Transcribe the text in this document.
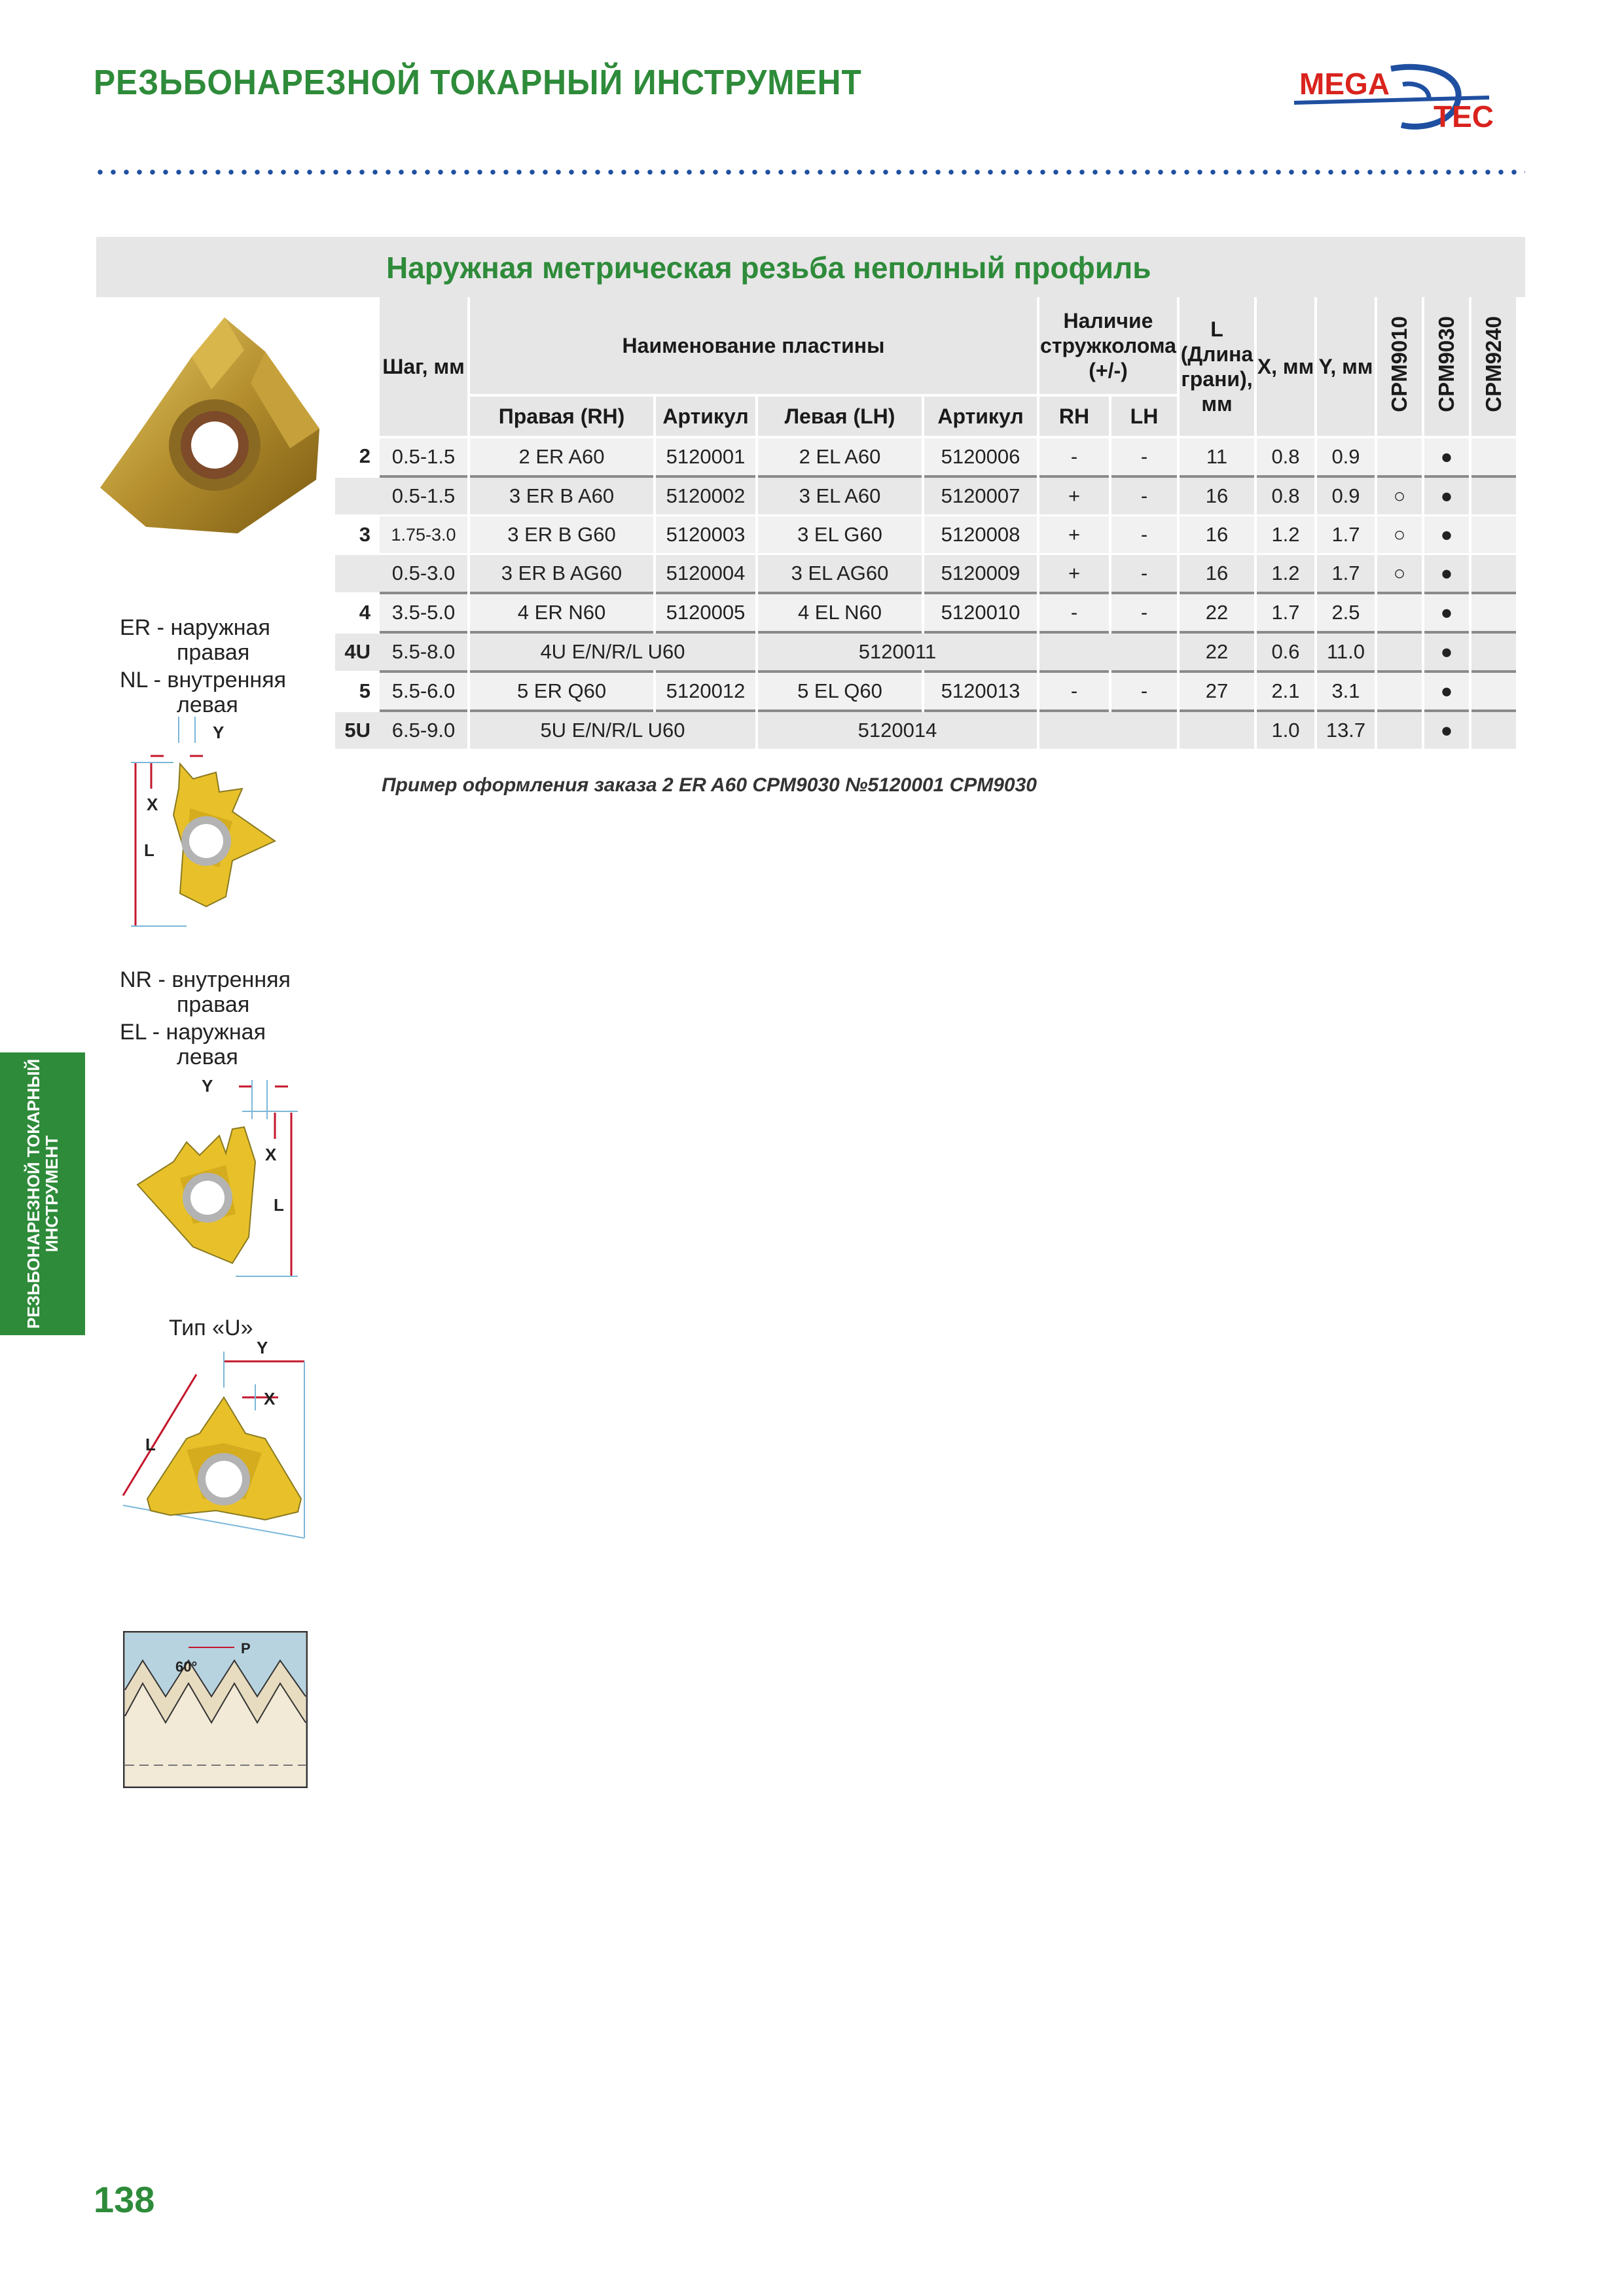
РЕЗЬБОНАРЕЗНОЙ ТОКАРНЫЙ ИНСТРУМЕНТ	MEGA
TEC
Наружная метрическая резьба неполный профиль
	Шаг, мм	Наименование пластины				Наличие стружколома (+/-)		L (Длина грани), мм	X, мм	Y, мм	CPM9010	CPM9030	CPM9240
		Правая (RH)	Артикул	Левая (LH)	Артикул	RH	LH						
2	0.5-1.5	2 ER A60	5120001	2 EL A60	5120006	-	-	11	0.8	0.9		●	
	0.5-1.5	3 ER B A60	5120002	3 EL A60	5120007	+	-	16	0.8	0.9	○	●	
3	1.75-3.0	3 ER B G60	5120003	3 EL G60	5120008	+	-	16	1.2	1.7	○	●	
	0.5-3.0	3 ER B AG60	5120004	3 EL AG60	5120009	+	-	16	1.2	1.7	○	●	
4	3.5-5.0	4 ER N60	5120005	4 EL N60	5120010	-	-	22	1.7	2.5		●	
4U	5.5-8.0	4U E/N/R/L U60		5120011				22	0.6	11.0		●	
5	5.5-6.0	5 ER Q60	5120012	5 EL Q60	5120013	-	-	27	2.1	3.1		●	
5U	6.5-9.0	5U E/N/R/L U60		5120014					1.0	13.7		●	
Пример оформления заказа 2 ER A60 CPM9030 №5120001 CPM9030
ER - наружная
правая
NL - внутренняя
левая
Y
X
L
NR - внутренняя
правая
EL - наружная
левая
Y
X
L
Тип «U»
Y
X
L
60°
P
РЕЗЬБОНАРЕЗНОЙ ТОКАРНЫЙ
ИНСТРУМЕНТ
138
